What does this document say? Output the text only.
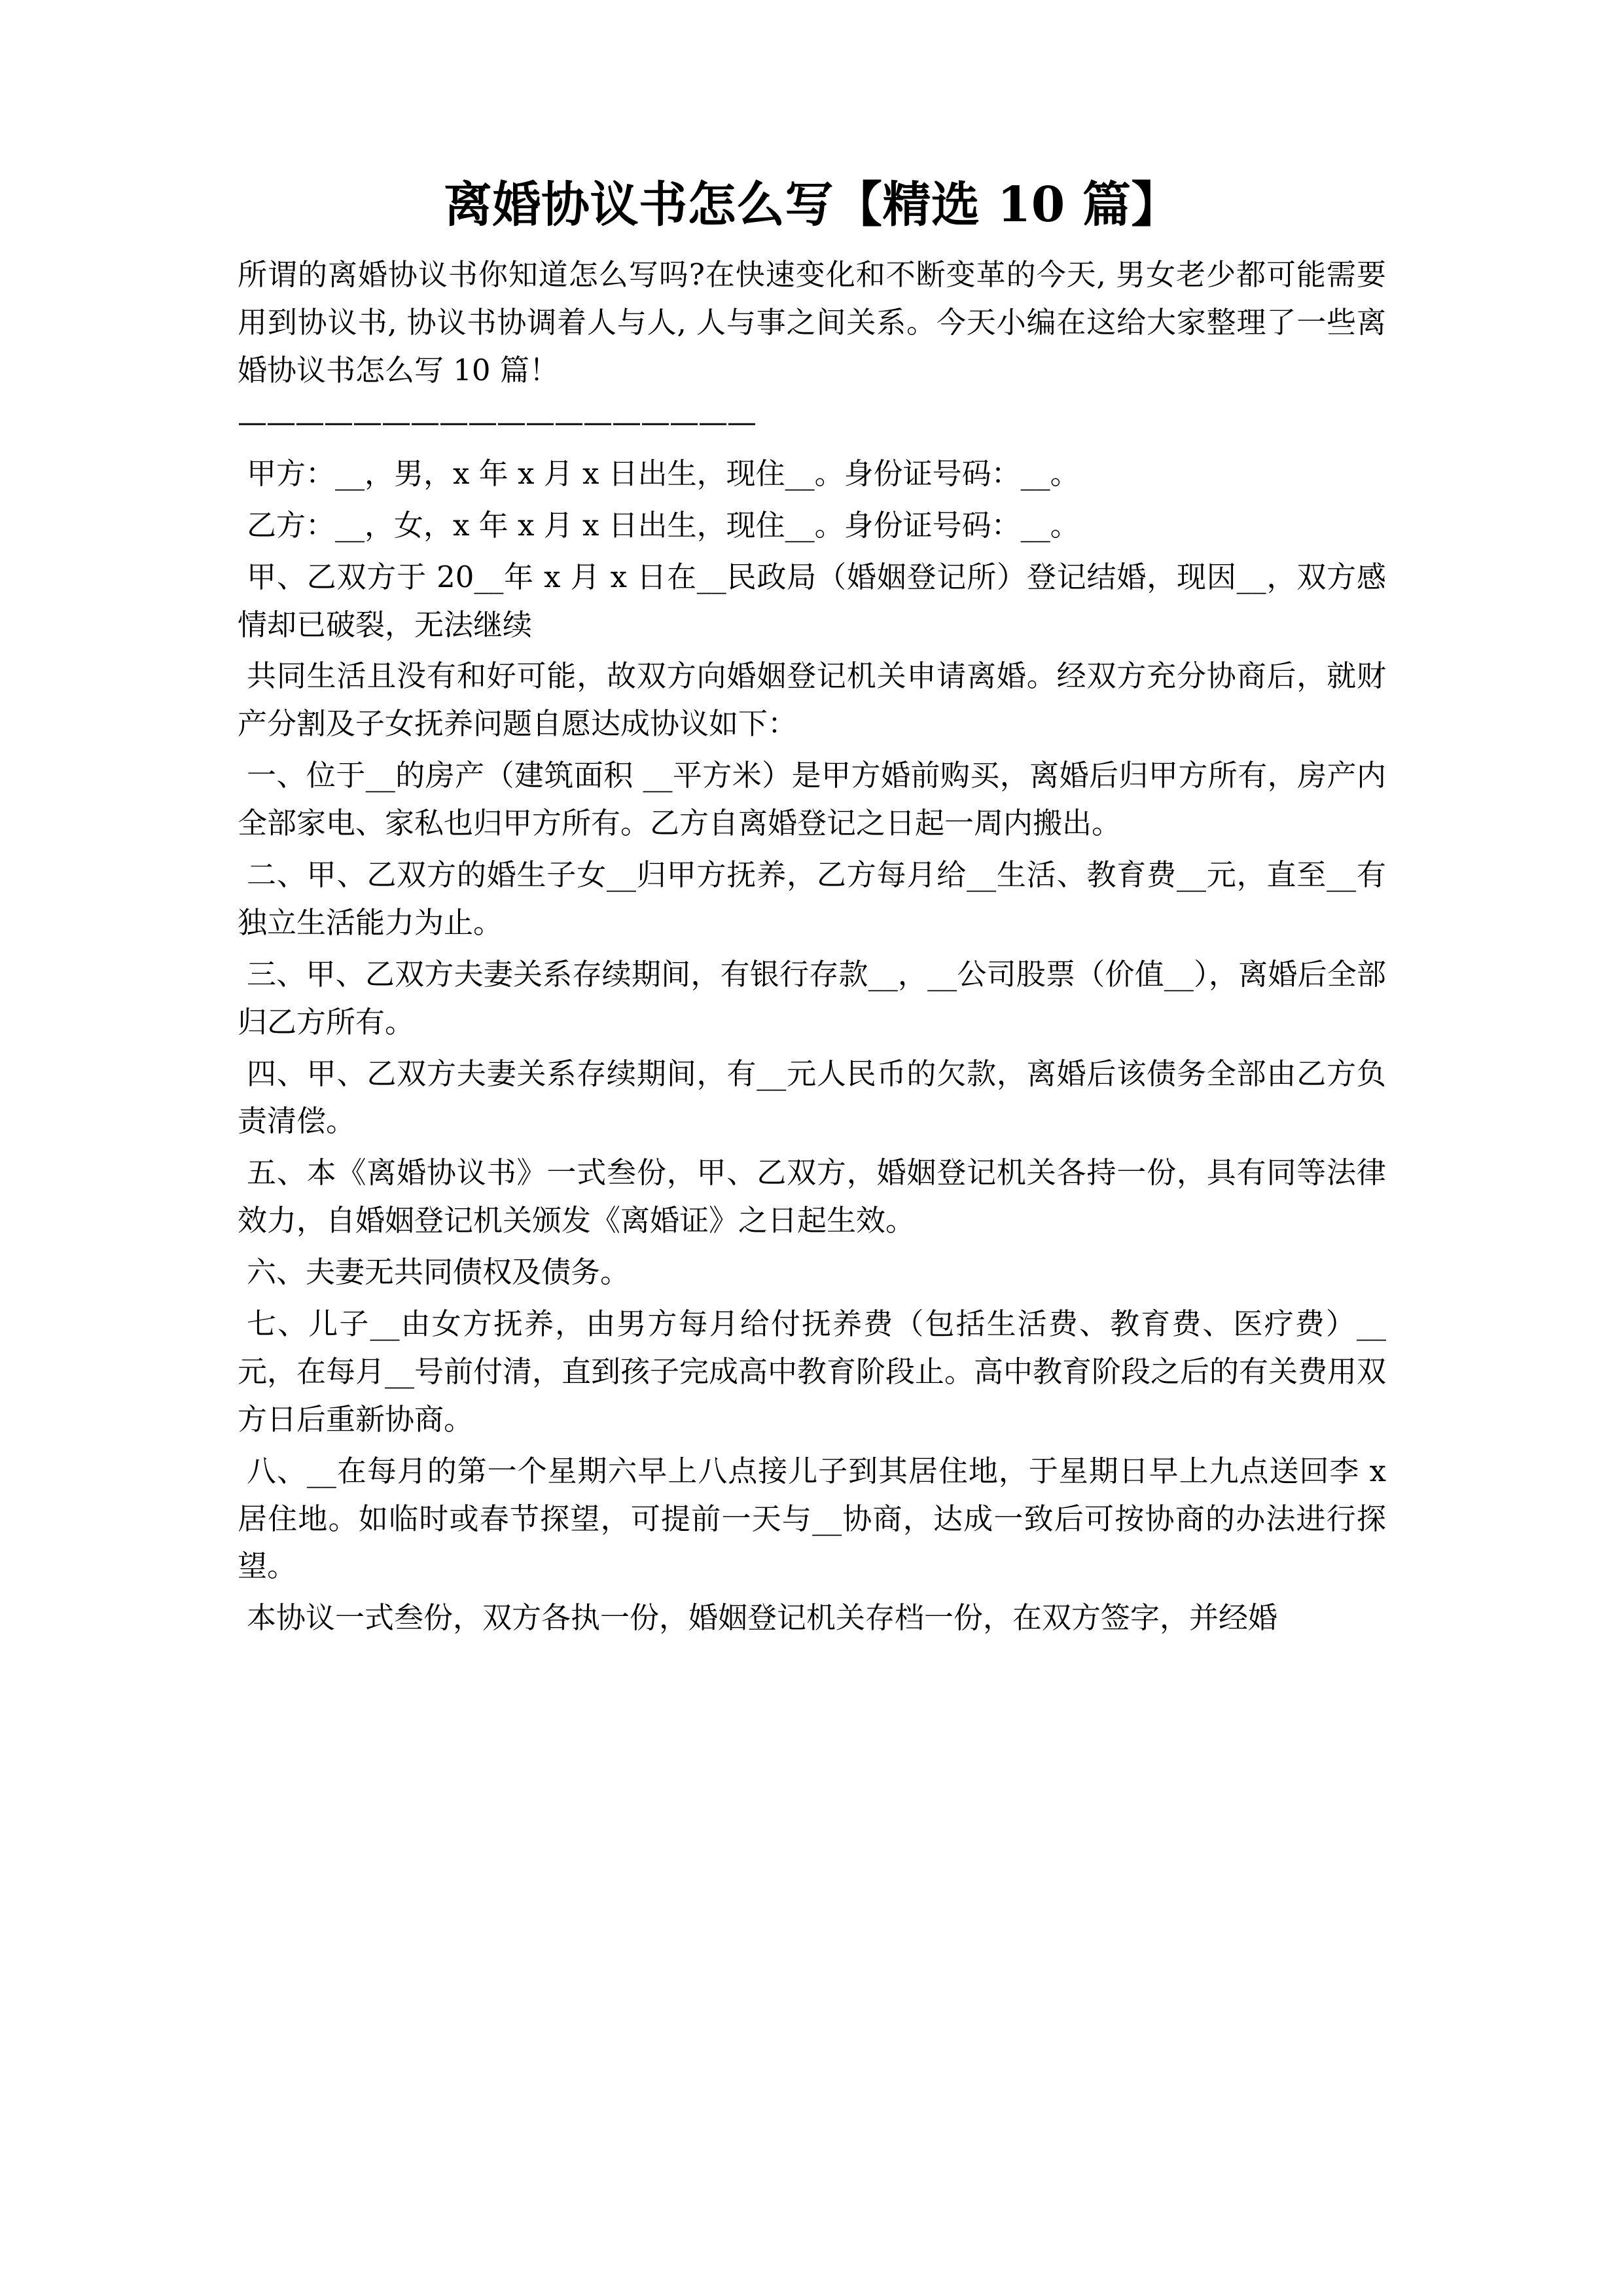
离婚协议书怎么写【精选 10 篇】

所谓的离婚协议书你知道怎么写吗?在快速变化和不断变革的今天, 男女老少都可能需要用到协议书, 协议书协调着人与人, 人与事之间关系。今天小编在这给大家整理了一些离婚协议书怎么写 10 篇！

——————————————————

甲方：__，男，x 年 x 月 x 日出生，现住__。身份证号码：__。

乙方：__，女，x 年 x 月 x 日出生，现住__。身份证号码：__。

甲、乙双方于 20__年 x 月 x 日在__民政局（婚姻登记所）登记结婚，现因__，双方感情却已破裂，无法继续

共同生活且没有和好可能，故双方向婚姻登记机关申请离婚。经双方充分协商后，就财产分割及子女抚养问题自愿达成协议如下：

一、位于__的房产（建筑面积 __平方米）是甲方婚前购买，离婚后归甲方所有，房产内全部家电、家私也归甲方所有。乙方自离婚登记之日起一周内搬出。

二、甲、乙双方的婚生子女__归甲方抚养，乙方每月给__生活、教育费__元，直至__有独立生活能力为止。

三、甲、乙双方夫妻关系存续期间，有银行存款__，__公司股票（价值__），离婚后全部归乙方所有。

四、甲、乙双方夫妻关系存续期间，有__元人民币的欠款，离婚后该债务全部由乙方负责清偿。

五、本《离婚协议书》一式叁份，甲、乙双方，婚姻登记机关各持一份，具有同等法律效力，自婚姻登记机关颁发《离婚证》之日起生效。

六、夫妻无共同债权及债务。

七、儿子__由女方抚养，由男方每月给付抚养费（包括生活费、教育费、医疗费）__元，在每月__号前付清，直到孩子完成高中教育阶段止。高中教育阶段之后的有关费用双方日后重新协商。

八、__在每月的第一个星期六早上八点接儿子到其居住地，于星期日早上九点送回李 x 居住地。如临时或春节探望，可提前一天与__协商，达成一致后可按协商的办法进行探望。

本协议一式叁份，双方各执一份，婚姻登记机关存档一份，在双方签字，并经婚
